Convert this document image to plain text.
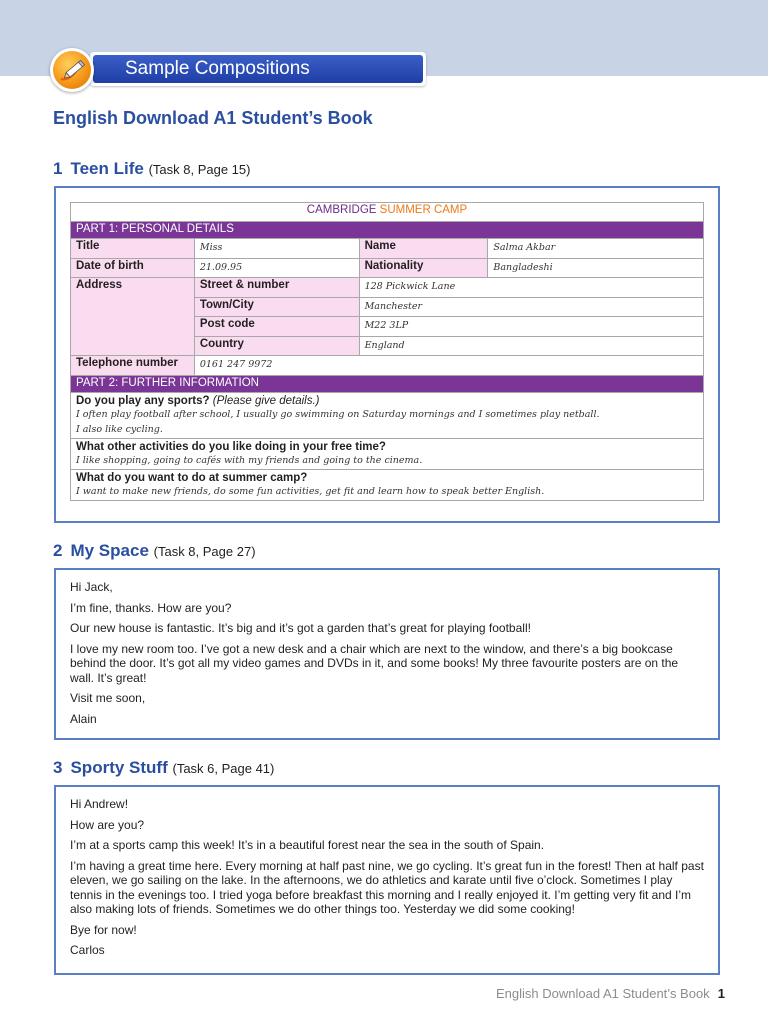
Sample Compositions
English Download A1 Student’s Book
1 Teen Life (Task 8, Page 15)
CAMBRIDGE SUMMER CAMP			
PART 1: PERSONAL DETAILS			
Title	Miss	Name	Salma Akbar
Date of birth	21.09.95	Nationality	Bangladeshi
Address	Street & number	128 Pickwick Lane	
	Town/City	Manchester	
	Post code	M22 3LP	
	Country	England	
Telephone number	0161 247 9972		
PART 2: FURTHER INFORMATION			
Do you play any sports? (Please give details.)
I often play football after school, I usually go swimming on Saturday mornings and I sometimes play netball.
I also like cycling.			

What other activities do you like doing in your free time?
I like shopping, going to cafés with my friends and going to the cinema.			

What do you want to do at summer camp?
I want to make new friends, do some fun activities, get fit and learn how to speak better English.			
2 My Space (Task 8, Page 27)

Hi Jack,

I’m fine, thanks. How are you?

Our new house is fantastic. It’s big and it’s got a garden that’s great for playing football!

I love my new room too. I’ve got a new desk and a chair which are next to the window, and there’s a big bookcase behind the door. It’s got all my video games and DVDs in it, and some books! My three favourite posters are on the wall. It’s great!

Visit me soon,

Alain

3 Sporty Stuff (Task 6, Page 41)

Hi Andrew!

How are you?

I’m at a sports camp this week! It’s in a beautiful forest near the sea in the south of Spain.

I’m having a great time here. Every morning at half past nine, we go cycling. It’s great fun in the forest! Then at half past eleven, we go sailing on the lake. In the afternoons, we do athletics and karate until five o’clock. Sometimes I play tennis in the evenings too. I tried yoga before breakfast this morning and I really enjoyed it. I’m getting very fit and I’m also making lots of friends. Sometimes we do other things too. Yesterday we did some cooking!

Bye for now!

Carlos

English Download A1 Student’s Book 1
